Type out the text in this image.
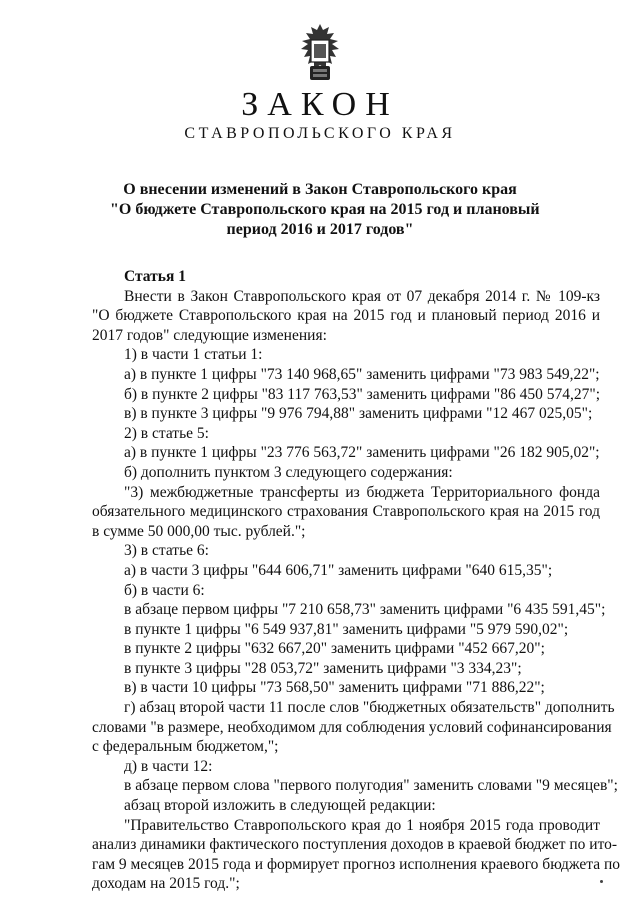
ЗАКОН
СТАВРОПОЛЬСКОГО КРАЯ
О внесении изменений в Закон Ставропольского края
"О бюджете Ставропольского края на 2015 год и плановый
период 2016 и 2017 годов"
Статья 1
Внести в Закон Ставропольского края от 07 декабря 2014 г. № 109-кз
"О бюджете Ставропольского края на 2015 год и плановый период 2016 и
2017 годов" следующие изменения:
1) в части 1 статьи 1:
а) в пункте 1 цифры "73 140 968,65" заменить цифрами "73 983 549,22";
б) в пункте 2 цифры "83 117 763,53" заменить цифрами "86 450 574,27";
в) в пункте 3 цифры "9 976 794,88" заменить цифрами "12 467 025,05";
2) в статье 5:
а) в пункте 1 цифры "23 776 563,72" заменить цифрами "26 182 905,02";
б) дополнить пунктом 3 следующего содержания:
"3) межбюджетные трансферты из бюджета Территориального фонда
обязательного медицинского страхования Ставропольского края на 2015 год
в сумме 50 000,00 тыс. рублей.";
3) в статье 6:
а) в части 3 цифры "644 606,71" заменить цифрами "640 615,35";
б) в части 6:
в абзаце первом цифры "7 210 658,73" заменить цифрами "6 435 591,45";
в пункте 1 цифры "6 549 937,81" заменить цифрами "5 979 590,02";
в пункте 2 цифры "632 667,20" заменить цифрами "452 667,20";
в пункте 3 цифры "28 053,72" заменить цифрами "3 334,23";
в) в части 10 цифры "73 568,50" заменить цифрами "71 886,22";
г) абзац второй части 11 после слов "бюджетных обязательств" дополнить
словами "в размере, необходимом для соблюдения условий софинансирования
с федеральным бюджетом,";
д) в части 12:
в абзаце первом слова "первого полугодия" заменить словами "9 месяцев";
абзац второй изложить в следующей редакции:
"Правительство Ставропольского края до 1 ноября 2015 года проводит
анализ динамики фактического поступления доходов в краевой бюджет по ито-
гам 9 месяцев 2015 года и формирует прогноз исполнения краевого бюджета по
доходам на 2015 год.";
